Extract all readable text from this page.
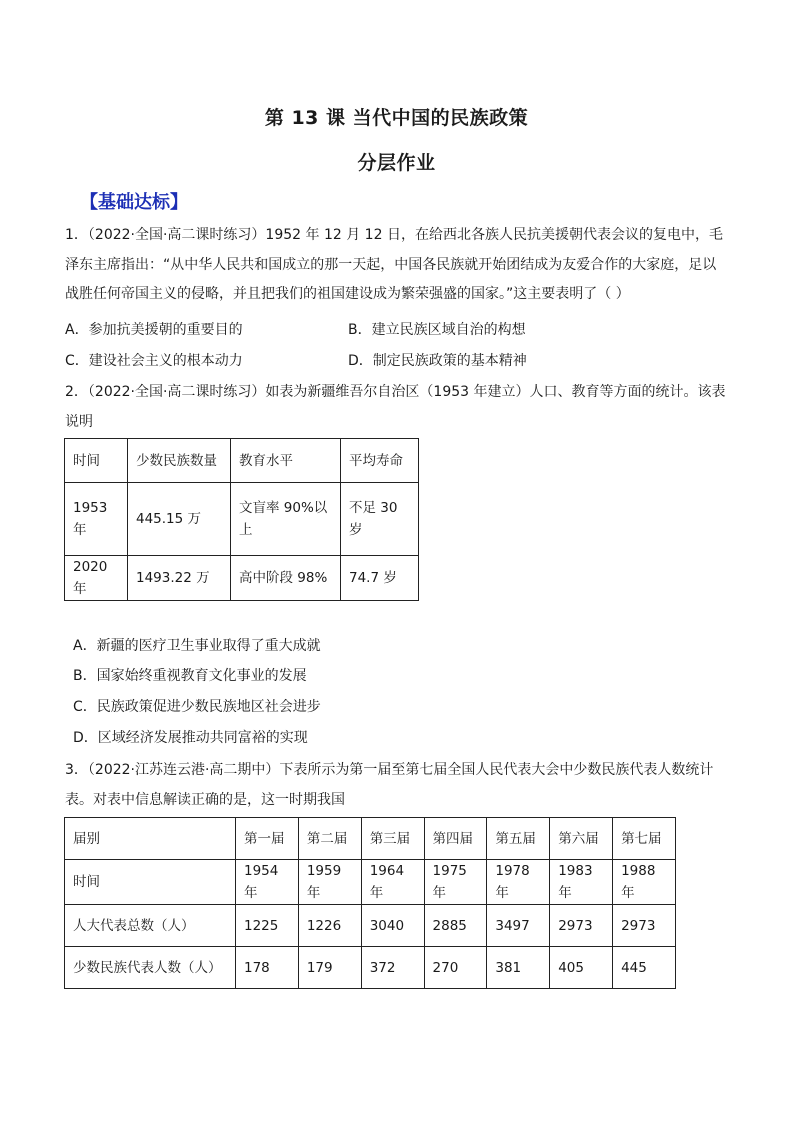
第 13 课 当代中国的民族政策
分层作业
【基础达标】

1．（2022·全国·高二课时练习）1952 年 12 月 12 日，在给西北各族人民抗美援朝代表会议的复电中，毛泽东主席指出：“从中华人民共和国成立的那一天起，中国各民族就开始团结成为友爱合作的大家庭，足以战胜任何帝国主义的侵略，并且把我们的祖国建设成为繁荣强盛的国家。”这主要表明了（ ）

A．参加抗美援朝的重要目的	B．建立民族区域自治的构想
C．建设社会主义的根本动力	D．制定民族政策的基本精神

2．（2022·全国·高二课时练习）如表为新疆维吾尔自治区（1953 年建立）人口、教育等方面的统计。该表说明

时间	少数民族数量	教育水平	平均寿命
1953 年	445.15 万	文盲率 90%以上	不足 30 岁
2020 年	1493.22 万	高中阶段 98%	74.7 岁
A．新疆的医疗卫生事业取得了重大成就
B．国家始终重视教育文化事业的发展
C．民族政策促进少数民族地区社会进步
D．区域经济发展推动共同富裕的实现

3．（2022·江苏连云港·高二期中）下表所示为第一届至第七届全国人民代表大会中少数民族代表人数统计表。对表中信息解读正确的是，这一时期我国

届别	第一届	第二届	第三届	第四届	第五届	第六届	第七届
时间	1954 年	1959 年	1964 年	1975 年	1978 年	1983 年	1988 年
人大代表总数（人）	1225	1226	3040	2885	3497	2973	2973
少数民族代表人数（人）	178	179	372	270	381	405	445
